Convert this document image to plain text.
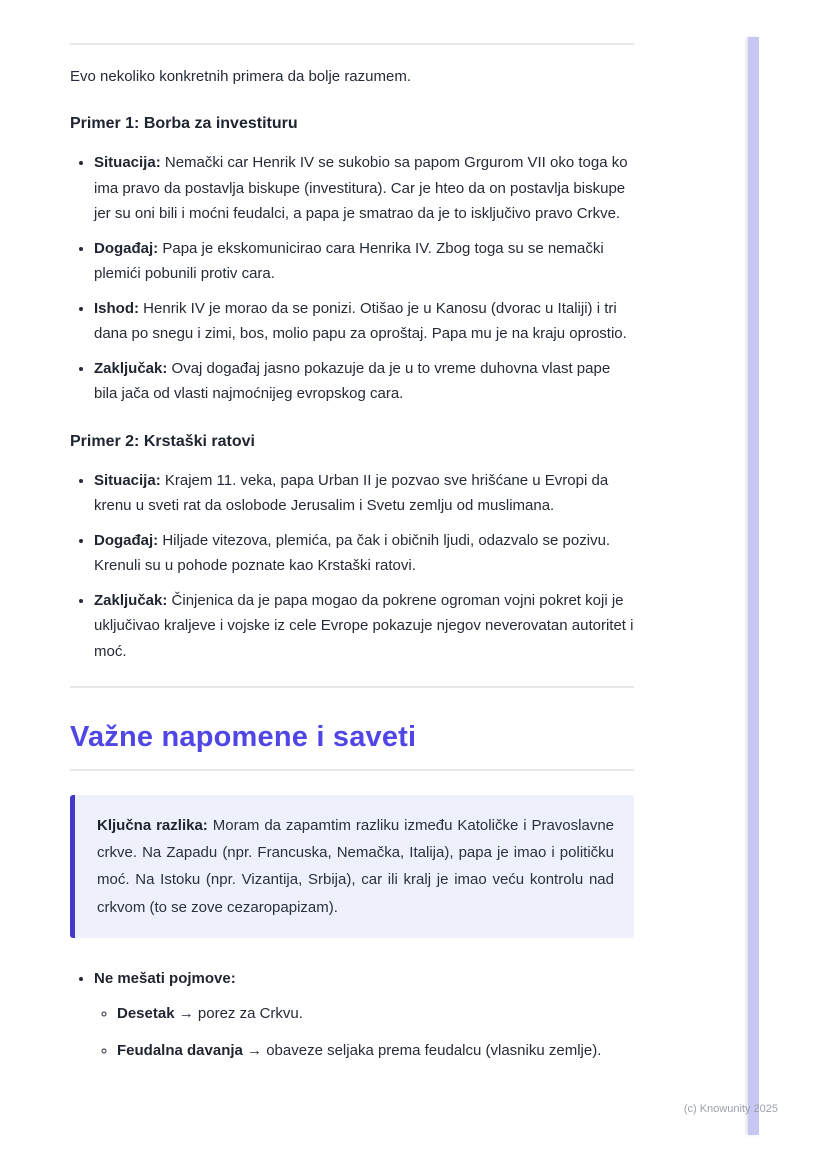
Evo nekoliko konkretnih primera da bolje razumem.

Primer 1: Borba za investituru
• Situacija: Nemački car Henrik IV se sukobio sa papom Grgurom VII oko toga ko ima pravo da postavlja biskupe (investitura). Car je hteo da on postavlja biskupe jer su oni bili i moćni feudalci, a papa je smatrao da je to isključivo pravo Crkve.
• Događaj: Papa je ekskomunicirao cara Henrika IV. Zbog toga su se nemački plemići pobunili protiv cara.
• Ishod: Henrik IV je morao da se ponizi. Otišao je u Kanosu (dvorac u Italiji) i tri dana po snegu i zimi, bos, molio papu za oproštaj. Papa mu je na kraju oprostio.
• Zaključak: Ovaj događaj jasno pokazuje da je u to vreme duhovna vlast pape bila jača od vlasti najmoćnijeg evropskog cara.
Primer 2: Krstaški ratovi
• Situacija: Krajem 11. veka, papa Urban II je pozvao sve hrišćane u Evropi da krenu u sveti rat da oslobode Jerusalim i Svetu zemlju od muslimana.
• Događaj: Hiljade vitezova, plemića, pa čak i običnih ljudi, odazvalo se pozivu. Krenuli su u pohode poznate kao Krstaški ratovi.
• Zaključak: Činjenica da je papa mogao da pokrene ogroman vojni pokret koji je uključivao kraljeve i vojske iz cele Evrope pokazuje njegov neverovatan autoritet i moć.
Važne napomene i saveti

Ključna razlika: Moram da zapamtim razliku između Katoličke i Pravoslavne crkve. Na Zapadu (npr. Francuska, Nemačka, Italija), papa je imao i političku moć. Na Istoku (npr. Vizantija, Srbija), car ili kralj je imao veću kontrolu nad crkvom (to se zove cezaropapizam).

• Ne mešati pojmove:
◦ Desetak → porez za Crkvu.
◦ Feudalna davanja → obaveze seljaka prema feudalcu (vlasniku zemlje).
(c) Knowunity 2025
